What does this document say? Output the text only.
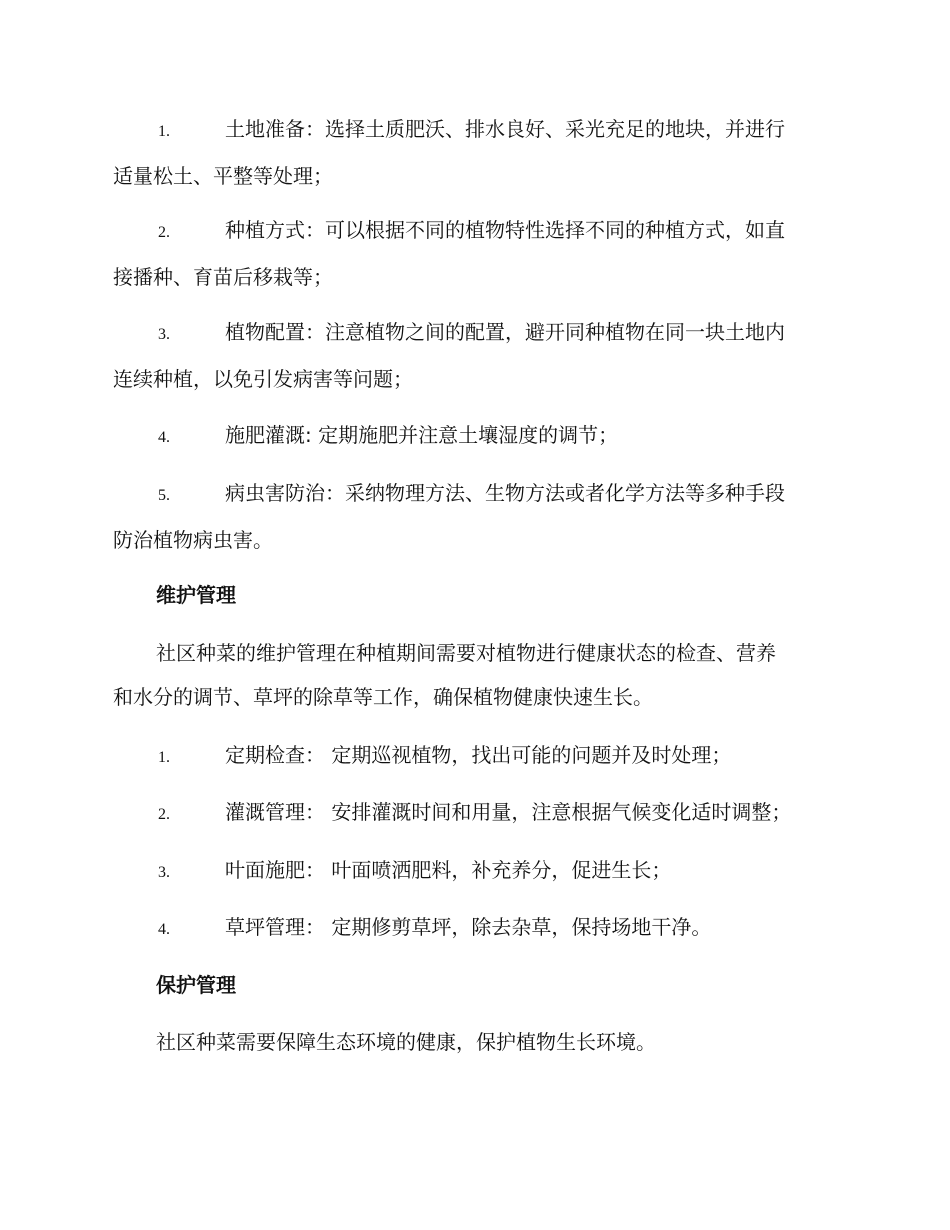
1.	土地准备：选择土质肥沃、排水良好、采光充足的地块，并进行
适量松土、平整等处理；
2.	种植方式：可以根据不同的植物特性选择不同的种植方式，如直
接播种、育苗后移栽等；
3.	植物配置：注意植物之间的配置，避开同种植物在同一块土地内
连续种植，以免引发病害等问题；
4.	施肥灌溉: 定期施肥并注意土壤湿度的调节；
5.	病虫害防治：采纳物理方法、生物方法或者化学方法等多种手段
防治植物病虫害。
维护管理
社区种菜的维护管理在种植期间需要对植物进行健康状态的检查、营养
和水分的调节、草坪的除草等工作，确保植物健康快速生长。
1.	定期检查： 定期巡视植物，找出可能的问题并及时处理；
2.	灌溉管理： 安排灌溉时间和用量，注意根据气候变化适时调整；
3.	叶面施肥： 叶面喷洒肥料，补充养分，促进生长；
4.	草坪管理： 定期修剪草坪，除去杂草，保持场地干净。
保护管理
社区种菜需要保障生态环境的健康，保护植物生长环境。
